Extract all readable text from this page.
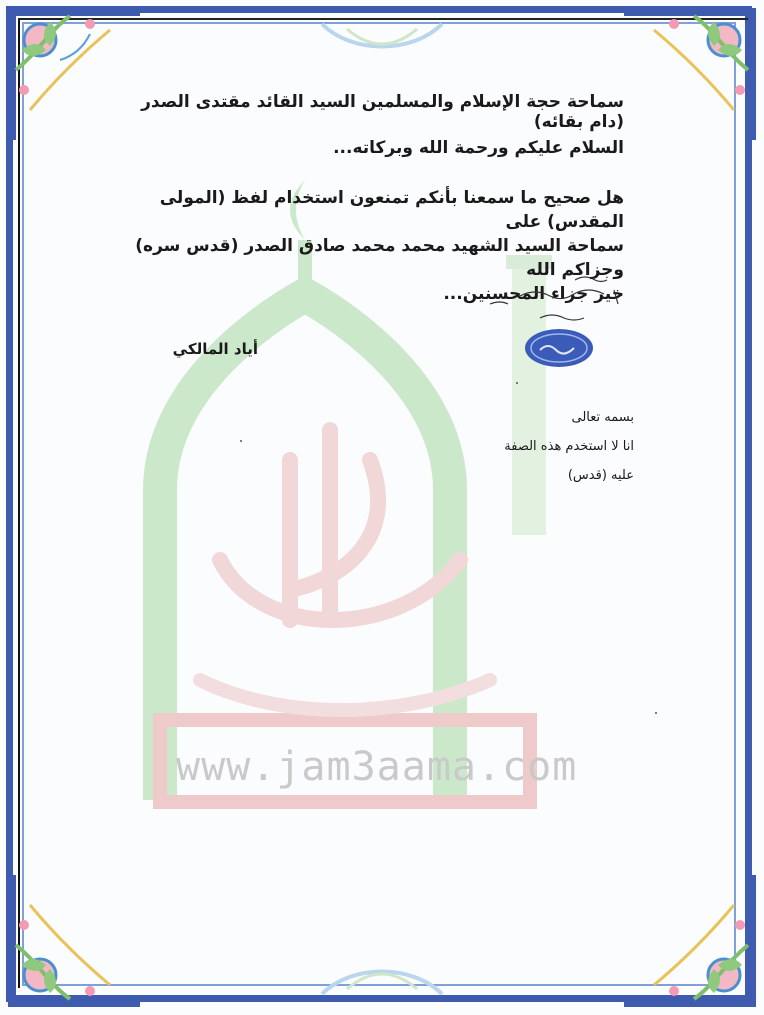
www.jam3aama.com
سماحة حجة الإسلام والمسلمين السيد القائد مقتدى الصدر (دام بقائه)
السلام عليكم ورحمة الله وبركاته...
هل صحيح ما سمعنا بأنكم تمنعون استخدام لفظ (المولى المقدس) على
سماحة السيد الشهيد محمد محمد صادق الصدر (قدس سره) وجزاكم الله
خير جزاء المحسنين...
أياد المالكي
بسمه تعالى
انا لا استخدم هذه الصفة
عليه (قدس)
